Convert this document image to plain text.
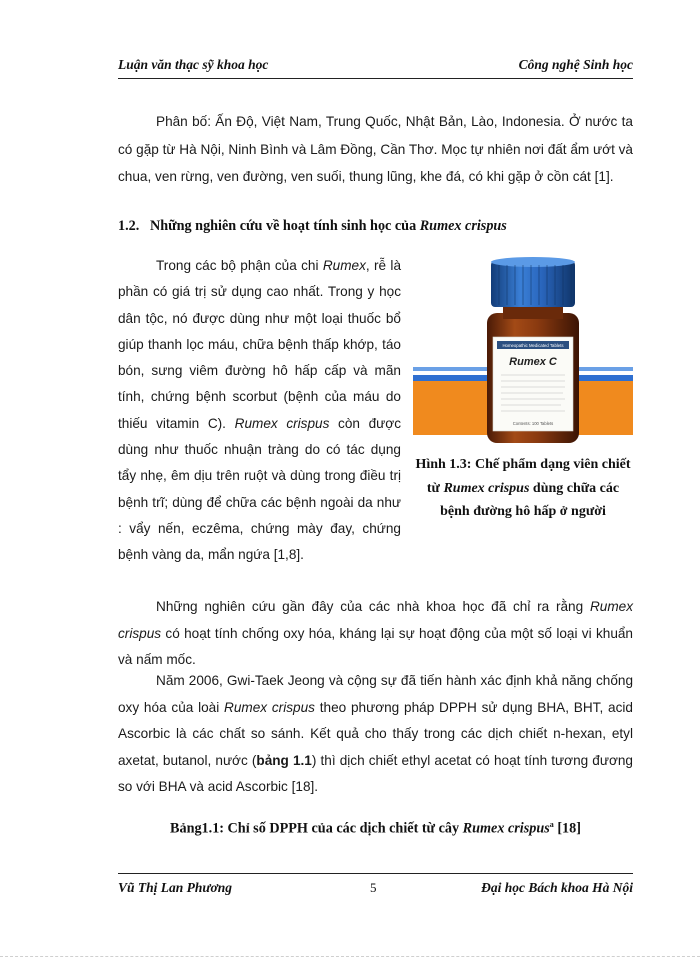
Luận văn thạc sỹ khoa học	Công nghệ Sinh học
Phân bố: Ấn Độ, Việt Nam, Trung Quốc, Nhật Bản, Lào, Indonesia. Ở nước ta có gặp từ Hà Nội, Ninh Bình và Lâm Đồng, Cần Thơ. Mọc tự nhiên nơi đất ẩm ướt và chua, ven rừng, ven đường, ven suối, thung lũng, khe đá, có khi gặp ở cồn cát [1].
1.2. Những nghiên cứu về hoạt tính sinh học của Rumex crispus
Trong các bộ phận của chi Rumex, rễ là phần có giá trị sử dụng cao nhất. Trong y học dân tộc, nó được dùng như một loại thuốc bổ giúp thanh lọc máu, chữa bệnh thấp khớp, táo bón, sưng viêm đường hô hấp cấp và mãn tính, chứng bệnh scorbut (bệnh của máu do thiếu vitamin C). Rumex crispus còn được dùng như thuốc nhuận tràng do có tác dụng tẩy nhẹ, êm dịu trên ruột và dùng trong điều trị bệnh trĩ; dùng để chữa các bệnh ngoài da như : vẩy nến, eczêma, chứng mày đay, chứng bệnh vàng da, mẩn ngứa [1,8].
Homeopathic Medicated Tablets
Rumex C
Contents: 100 Tablets
Hình 1.3: Chế phẩm dạng viên chiết từ Rumex crispus dùng chữa các bệnh đường hô hấp ở người
Những nghiên cứu gần đây của các nhà khoa học đã chỉ ra rằng Rumex crispus có hoạt tính chống oxy hóa, kháng lại sự hoạt động của một số loại vi khuẩn và nấm mốc.
Năm 2006, Gwi-Taek Jeong và cộng sự đã tiến hành xác định khả năng chống oxy hóa của loài Rumex crispus theo phương pháp DPPH sử dụng BHA, BHT, acid Ascorbic là các chất so sánh. Kết quả cho thấy trong các dịch chiết n-hexan, etyl axetat, butanol, nước (bảng 1.1) thì dịch chiết ethyl acetat có hoạt tính tương đương so với BHA và acid Ascorbic [18].
Bảng1.1: Chỉ số DPPH của các dịch chiết từ cây Rumex crispus$^a$ [18]
Vũ Thị Lan Phương	5	Đại học Bách khoa Hà Nội
